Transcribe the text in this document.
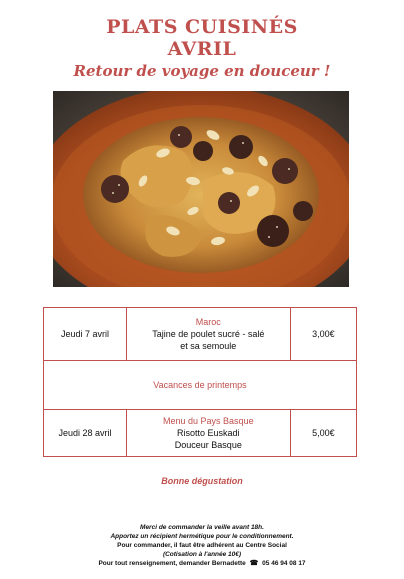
PLATS CUISINÉS
AVRIL
Retour de voyage en douceur !
Jeudi 7 avril	Maroc
Tajine de poulet sucré - salé
et sa semoule	3,00€
Vacances de printemps		
Jeudi 28 avril	Menu du Pays Basque
Risotto Euskadi
Douceur Basque	5,00€
Bonne dégustation
Merci de commander la veille avant 18h.
Apportez un récipient hermétique pour le conditionnement.
Pour commander, il faut être adhérent au Centre Social
(Cotisation à l'année 10€)
Pour tout renseignement, demander Bernadette ☎ 05 46 94 08 17
